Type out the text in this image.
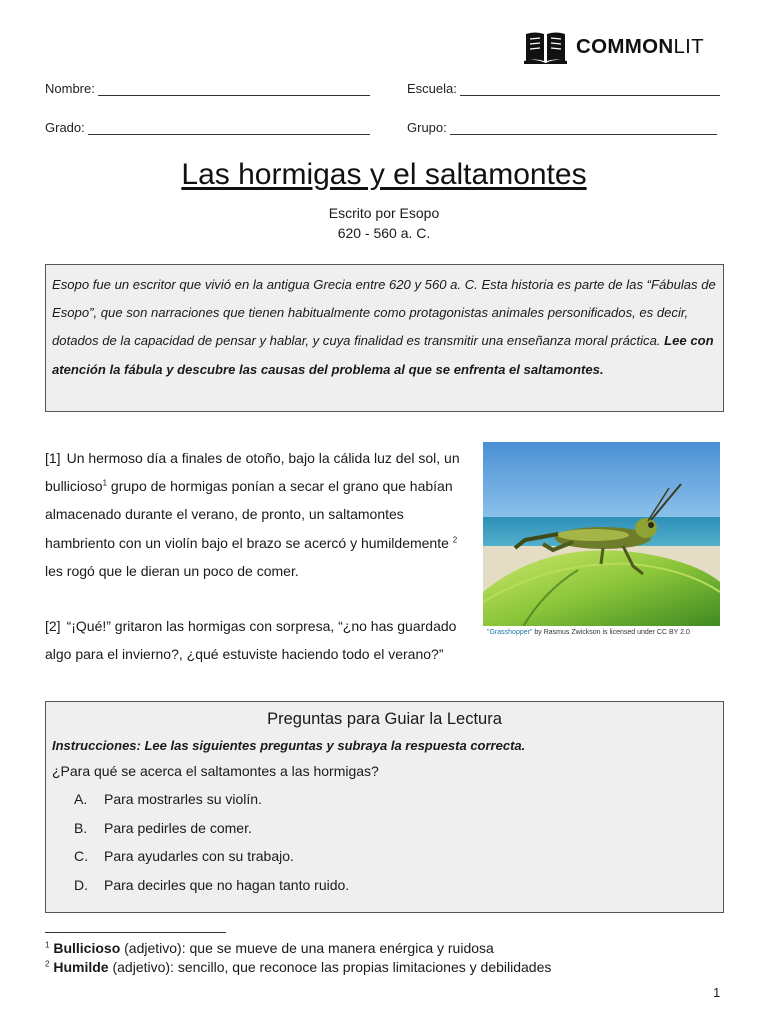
COMMONLIT
Nombre:	Escuela:
Grado:	Grupo:
Las hormigas y el saltamontes
Escrito por Esopo
620 - 560 a. C.
Esopo fue un escritor que vivió en la antigua Grecia entre 620 y 560 a. C. Esta historia es parte de las “Fábulas de Esopo”, que son narraciones que tienen habitualmente como protagonistas animales personificados, es decir, dotados de la capacidad de pensar y hablar, y cuya finalidad es transmitir una enseñanza moral práctica. Lee con atención la fábula y descubre las causas del problema al que se enfrenta el saltamontes.
[1] Un hermoso día a finales de otoño, bajo la cálida luz del sol, un bullicioso$^1$ grupo de hormigas ponían a secar el grano que habían almacenado durante el verano, de pronto, un saltamontes hambriento con un violín bajo el brazo se acercó y humildemente $^2$ les rogó que le dieran un poco de comer.
[2] “¡Qué!” gritaron las hormigas con sorpresa, “¿no has guardado algo para el invierno?, ¿qué estuviste haciendo todo el verano?”
"Grasshopper" by Rasmus Zwickson is licensed under CC BY 2.0
Preguntas para Guiar la Lectura
Instrucciones: Lee las siguientes preguntas y subraya la respuesta correcta.
¿Para qué se acerca el saltamontes a las hormigas?
A.	Para mostrarles su violín.
B.	Para pedirles de comer.
C.	Para ayudarles con su trabajo.
D.	Para decirles que no hagan tanto ruido.
$^1$ Bullicioso (adjetivo): que se mueve de una manera enérgica y ruidosa
$^2$ Humilde (adjetivo): sencillo, que reconoce las propias limitaciones y debilidades
1
